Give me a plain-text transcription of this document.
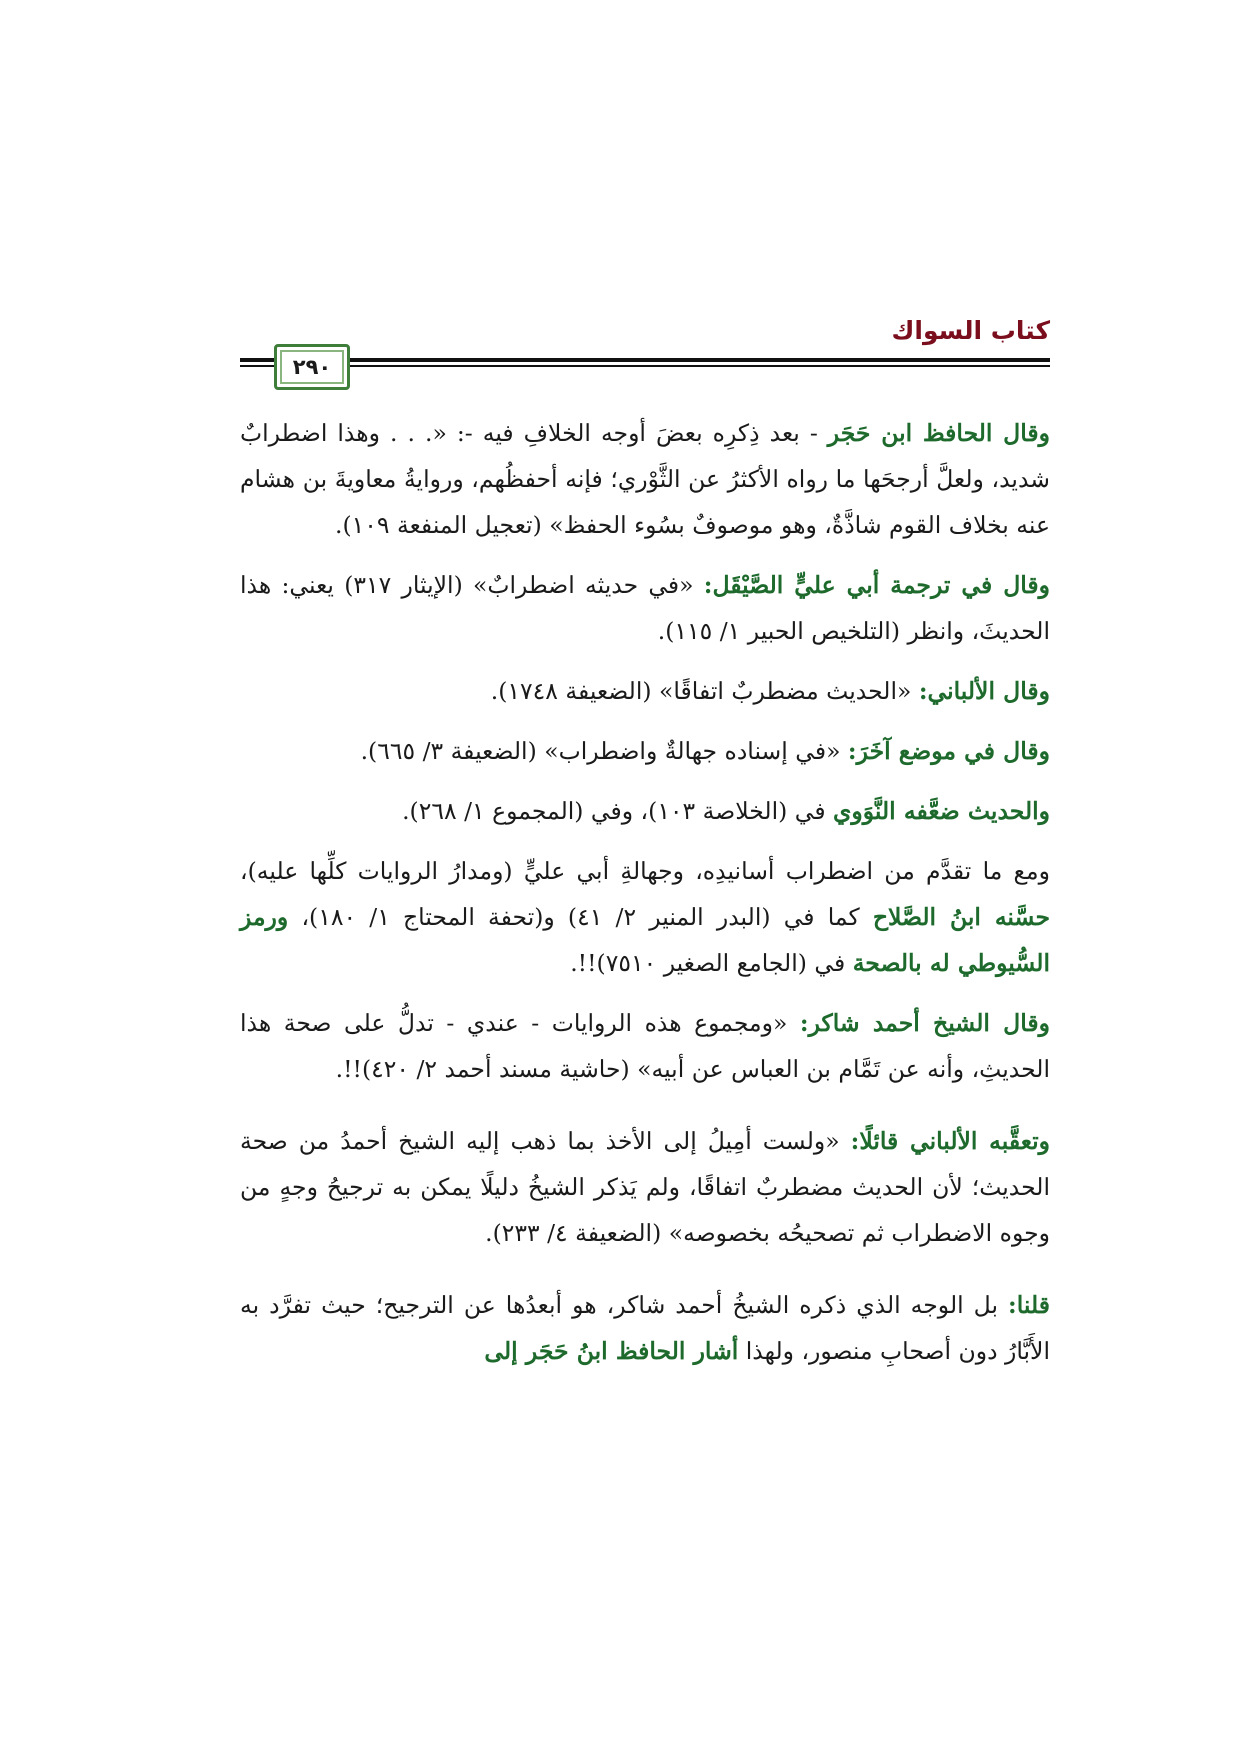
كتاب السواك
٢٩٠

وقال الحافظ ابن حَجَر - بعد ذِكرِه بعضَ أوجه الخلافِ فيه -: «. . . وهذا اضطرابٌ شديد، ولعلَّ أرجحَها ما رواه الأكثرُ عن الثَّوْري؛ فإنه أحفظُهم، وروايةُ معاويةَ بن هشام عنه بخلاف القوم شاذَّةٌ، وهو موصوفٌ بسُوء الحفظ» (تعجيل المنفعة ١٠٩).

وقال في ترجمة أبي عليٍّ الصَّيْقَل: «في حديثه اضطرابٌ» (الإيثار ٣١٧) يعني: هذا الحديثَ، وانظر (التلخيص الحبير ١/ ١١٥).

وقال الألباني: «الحديث مضطربٌ اتفاقًا» (الضعيفة ١٧٤٨).

وقال في موضع آخَرَ: «في إسناده جهالةٌ واضطراب» (الضعيفة ٣/ ٦٦٥).

والحديث ضعَّفه النَّوَوي في (الخلاصة ١٠٣)، وفي (المجموع ١/ ٢٦٨).

ومع ما تقدَّم من اضطراب أسانيدِه، وجهالةِ أبي عليٍّ (ومدارُ الروايات كلِّها عليه)، حسَّنه ابنُ الصَّلاح كما في (البدر المنير ٢/ ٤١) و(تحفة المحتاج ١/ ١٨٠)، ورمز السُّيوطي له بالصحة في (الجامع الصغير ٧٥١٠)!!.

وقال الشيخ أحمد شاكر: «ومجموع هذه الروايات - عندي - تدلُّ على صحة هذا الحديثِ، وأنه عن تَمَّام بن العباس عن أبيه» (حاشية مسند أحمد ٢/ ٤٢٠)!!.

وتعقَّبه الألباني قائلًا: «ولست أمِيلُ إلى الأخذ بما ذهب إليه الشيخ أحمدُ من صحة الحديث؛ لأن الحديث مضطربٌ اتفاقًا، ولم يَذكر الشيخُ دليلًا يمكن به ترجيحُ وجهٍ من وجوه الاضطراب ثم تصحيحُه بخصوصه» (الضعيفة ٤/ ٢٣٣).

قلنا: بل الوجه الذي ذكره الشيخُ أحمد شاكر، هو أبعدُها عن الترجيح؛ حيث تفرَّد به الأَبَّارُ دون أصحابِ منصور، ولهذا أشار الحافظ ابنُ حَجَر إلى
